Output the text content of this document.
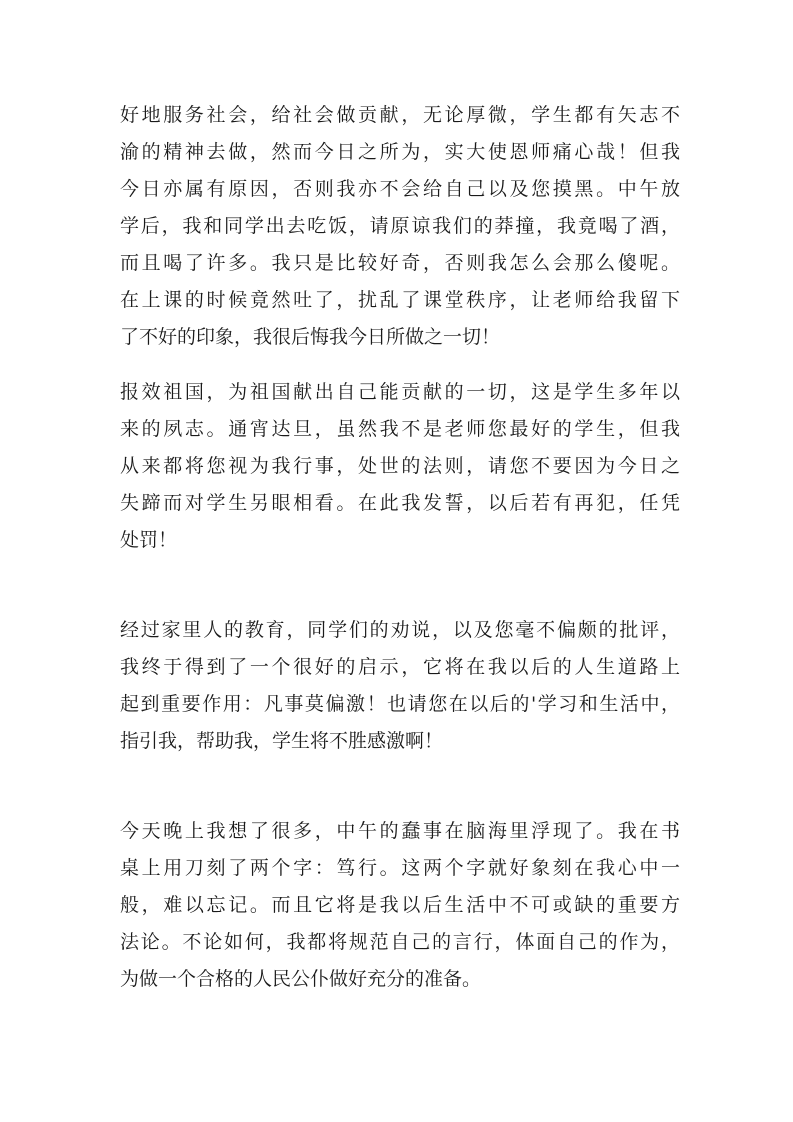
好地服务社会，给社会做贡献，无论厚微，学生都有矢志不
渝的精神去做，然而今日之所为，实大使恩师痛心哉！但我
今日亦属有原因，否则我亦不会给自己以及您摸黑。中午放
学后，我和同学出去吃饭，请原谅我们的莽撞，我竟喝了酒，
而且喝了许多。我只是比较好奇，否则我怎么会那么傻呢。
在上课的时候竟然吐了，扰乱了课堂秩序，让老师给我留下
了不好的印象，我很后悔我今日所做之一切！
报效祖国，为祖国献出自己能贡献的一切，这是学生多年以
来的夙志。通宵达旦，虽然我不是老师您最好的学生，但我
从来都将您视为我行事，处世的法则，请您不要因为今日之
失蹄而对学生另眼相看。在此我发誓，以后若有再犯，任凭
处罚！
经过家里人的教育，同学们的劝说，以及您毫不偏颇的批评，
我终于得到了一个很好的启示，它将在我以后的人生道路上
起到重要作用：凡事莫偏激！也请您在以后的'学习和生活中，
指引我，帮助我，学生将不胜感激啊！
今天晚上我想了很多，中午的蠢事在脑海里浮现了。我在书
桌上用刀刻了两个字：笃行。这两个字就好象刻在我心中一
般，难以忘记。而且它将是我以后生活中不可或缺的重要方
法论。不论如何，我都将规范自己的言行，体面自己的作为，
为做一个合格的人民公仆做好充分的准备。
